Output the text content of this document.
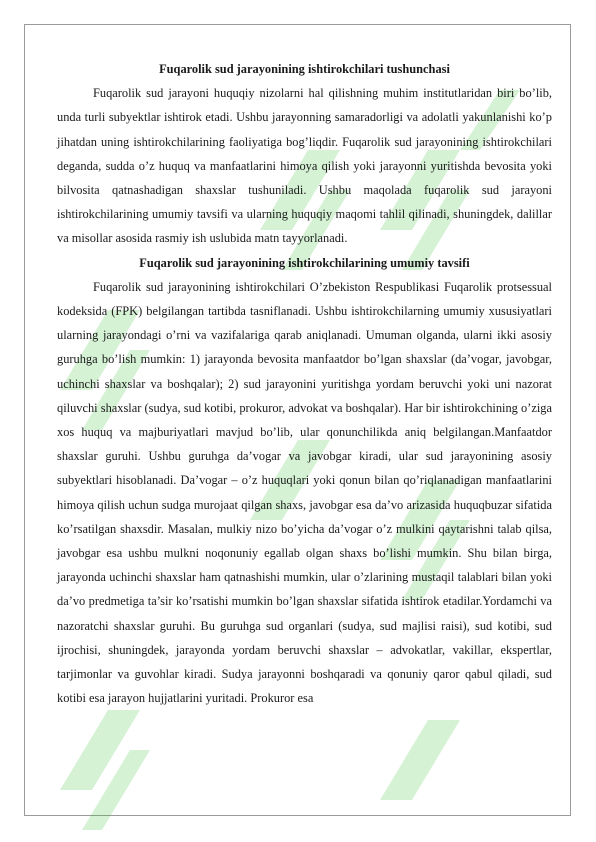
Fuqarolik sud jarayonining ishtirokchilari tushunchasi

Fuqarolik sud jarayoni huquqiy nizolarni hal qilishning muhim institutlaridan biri bo’lib, unda turli subyektlar ishtirok etadi. Ushbu jarayonning samaradorligi va adolatli yakunlanishi ko’p jihatdan uning ishtirokchilarining faoliyatiga bog’liqdir. Fuqarolik sud jarayonining ishtirokchilari deganda, sudda o’z huquq va manfaatlarini himoya qilish yoki jarayonni yuritishda bevosita yoki bilvosita qatnashadigan shaxslar tushuniladi. Ushbu maqolada fuqarolik sud jarayoni ishtirokchilarining umumiy tavsifi va ularning huquqiy maqomi tahlil qilinadi, shuningdek, dalillar va misollar asosida rasmiy ish uslubida matn tayyorlanadi.

Fuqarolik sud jarayonining ishtirokchilarining umumiy tavsifi

Fuqarolik sud jarayonining ishtirokchilari O’zbekiston Respublikasi Fuqarolik protsessual kodeksida (FPK) belgilangan tartibda tasniflanadi. Ushbu ishtirokchilarning umumiy xususiyatlari ularning jarayondagi o’rni va vazifalariga qarab aniqlanadi. Umuman olganda, ularni ikki asosiy guruhga bo’lish mumkin: 1) jarayonda bevosita manfaatdor bo’lgan shaxslar (da’vogar, javobgar, uchinchi shaxslar va boshqalar); 2) sud jarayonini yuritishga yordam beruvchi yoki uni nazorat qiluvchi shaxslar (sudya, sud kotibi, prokuror, advokat va boshqalar). Har bir ishtirokchining o’ziga xos huquq va majburiyatlari mavjud bo’lib, ular qonunchilikda aniq belgilangan.Manfaatdor shaxslar guruhi. Ushbu guruhga da’vogar va javobgar kiradi, ular sud jarayonining asosiy subyektlari hisoblanadi. Da’vogar – o’z huquqlari yoki qonun bilan qo’riqlanadigan manfaatlarini himoya qilish uchun sudga murojaat qilgan shaxs, javobgar esa da’vo arizasida huquqbuzar sifatida ko’rsatilgan shaxsdir. Masalan, mulkiy nizo bo’yicha da’vogar o’z mulkini qaytarishni talab qilsa, javobgar esa ushbu mulkni noqonuniy egallab olgan shaxs bo’lishi mumkin. Shu bilan birga, jarayonda uchinchi shaxslar ham qatnashishi mumkin, ular o’zlarining mustaqil talablari bilan yoki da’vo predmetiga ta’sir ko’rsatishi mumkin bo’lgan shaxslar sifatida ishtirok etadilar.Yordamchi va nazoratchi shaxslar guruhi. Bu guruhga sud organlari (sudya, sud majlisi raisi), sud kotibi, sud ijrochisi, shuningdek, jarayonda yordam beruvchi shaxslar – advokatlar, vakillar, ekspertlar, tarjimonlar va guvohlar kiradi. Sudya jarayonni boshqaradi va qonuniy qaror qabul qiladi, sud kotibi esa jarayon hujjatlarini yuritadi. Prokuror esa
